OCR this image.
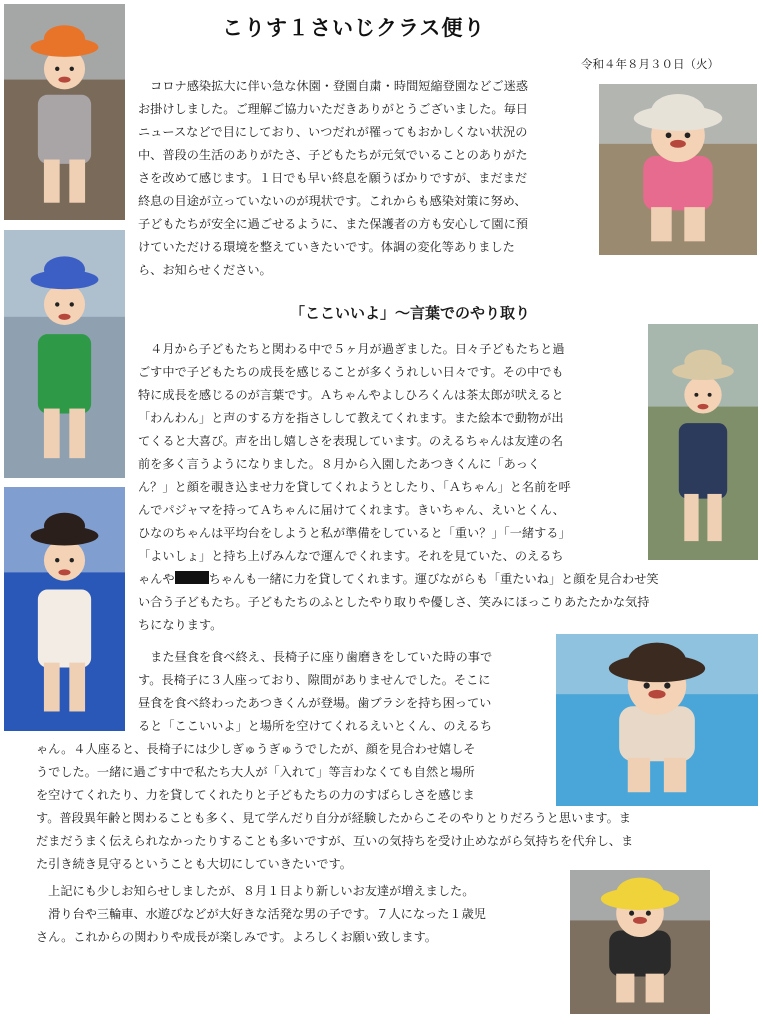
こりす１さいじクラス便り
令和４年８月３０日（火）
　コロナ感染拡大に伴い急な休園・登園自粛・時間短縮登園などご迷惑
お掛けしました。ご理解ご協力いただきありがとうございました。毎日
ニュースなどで目にしており、いつだれが罹ってもおかしくない状況の
中、普段の生活のありがたさ、子どもたちが元気でいることのありがた
さを改めて感じます。１日でも早い終息を願うばかりですが、まだまだ
終息の目途が立っていないのが現状です。これからも感染対策に努め、
子どもたちが安全に過ごせるように、また保護者の方も安心して園に預
けていただける環境を整えていきたいです。体調の変化等ありました
ら、お知らせください。
「ここいいよ」～言葉でのやり取り
　４月から子どもたちと関わる中で５ヶ月が過ぎました。日々子どもたちと過
ごす中で子どもたちの成長を感じることが多くうれしい日々です。その中でも
特に成長を感じるのが言葉です。Ａちゃんやよしひろくんは茶太郎が吠えると
「わんわん」と声のする方を指さしして教えてくれます。また絵本で動物が出
てくると大喜び。声を出し嬉しさを表現しています。のえるちゃんは友達の名
前を多く言うようになりました。８月から入園したあつきくんに「あっく
ん？」と顔を覗き込ませ力を貸してくれようとしたり、「Ａちゃん」と名前を呼
んでパジャマを持ってＡちゃんに届けてくれます。きいちゃん、えいとくん、
ひなのちゃんは平均台をしようと私が準備をしていると「重い？」「一緒する」
「よいしょ」と持ち上げみんなで運んでくれます。それを見ていた、のえるち
ゃんや	ちゃんも一緒に力を貸してくれます。運びながらも「重たいね」と顔を見合わせ笑
い合う子どもたち。子どもたちのふとしたやり取りや優しさ、笑みにほっこりあたたかな気持
ちになります。
　また昼食を食べ終え、長椅子に座り歯磨きをしていた時の事で
す。長椅子に３人座っており、隙間がありませんでした。そこに
昼食を食べ終わったあつきくんが登場。歯ブラシを持ち困ってい
ると「ここいいよ」と場所を空けてくれるえいとくん、のえるち
ゃん。４人座ると、長椅子には少しぎゅうぎゅうでしたが、顔を見合わせ嬉しそ
うでした。一緒に過ごす中で私たち大人が「入れて」等言わなくても自然と場所
を空けてくれたり、力を貸してくれたりと子どもたちの力のすばらしさを感じま
す。普段異年齢と関わることも多く、見て学んだり自分が経験したからこそのやりとりだろうと思います。ま
だまだうまく伝えられなかったりすることも多いですが、互いの気持ちを受け止めながら気持ちを代弁し、ま
た引き続き見守るということも大切にしていきたいです。
　上記にも少しお知らせしましたが、８月１日より新しいお友達が増えました。
　滑り台や三輪車、水遊びなどが大好きな活発な男の子です。７人になった１歳児
さん。これからの関わりや成長が楽しみです。よろしくお願い致します。
